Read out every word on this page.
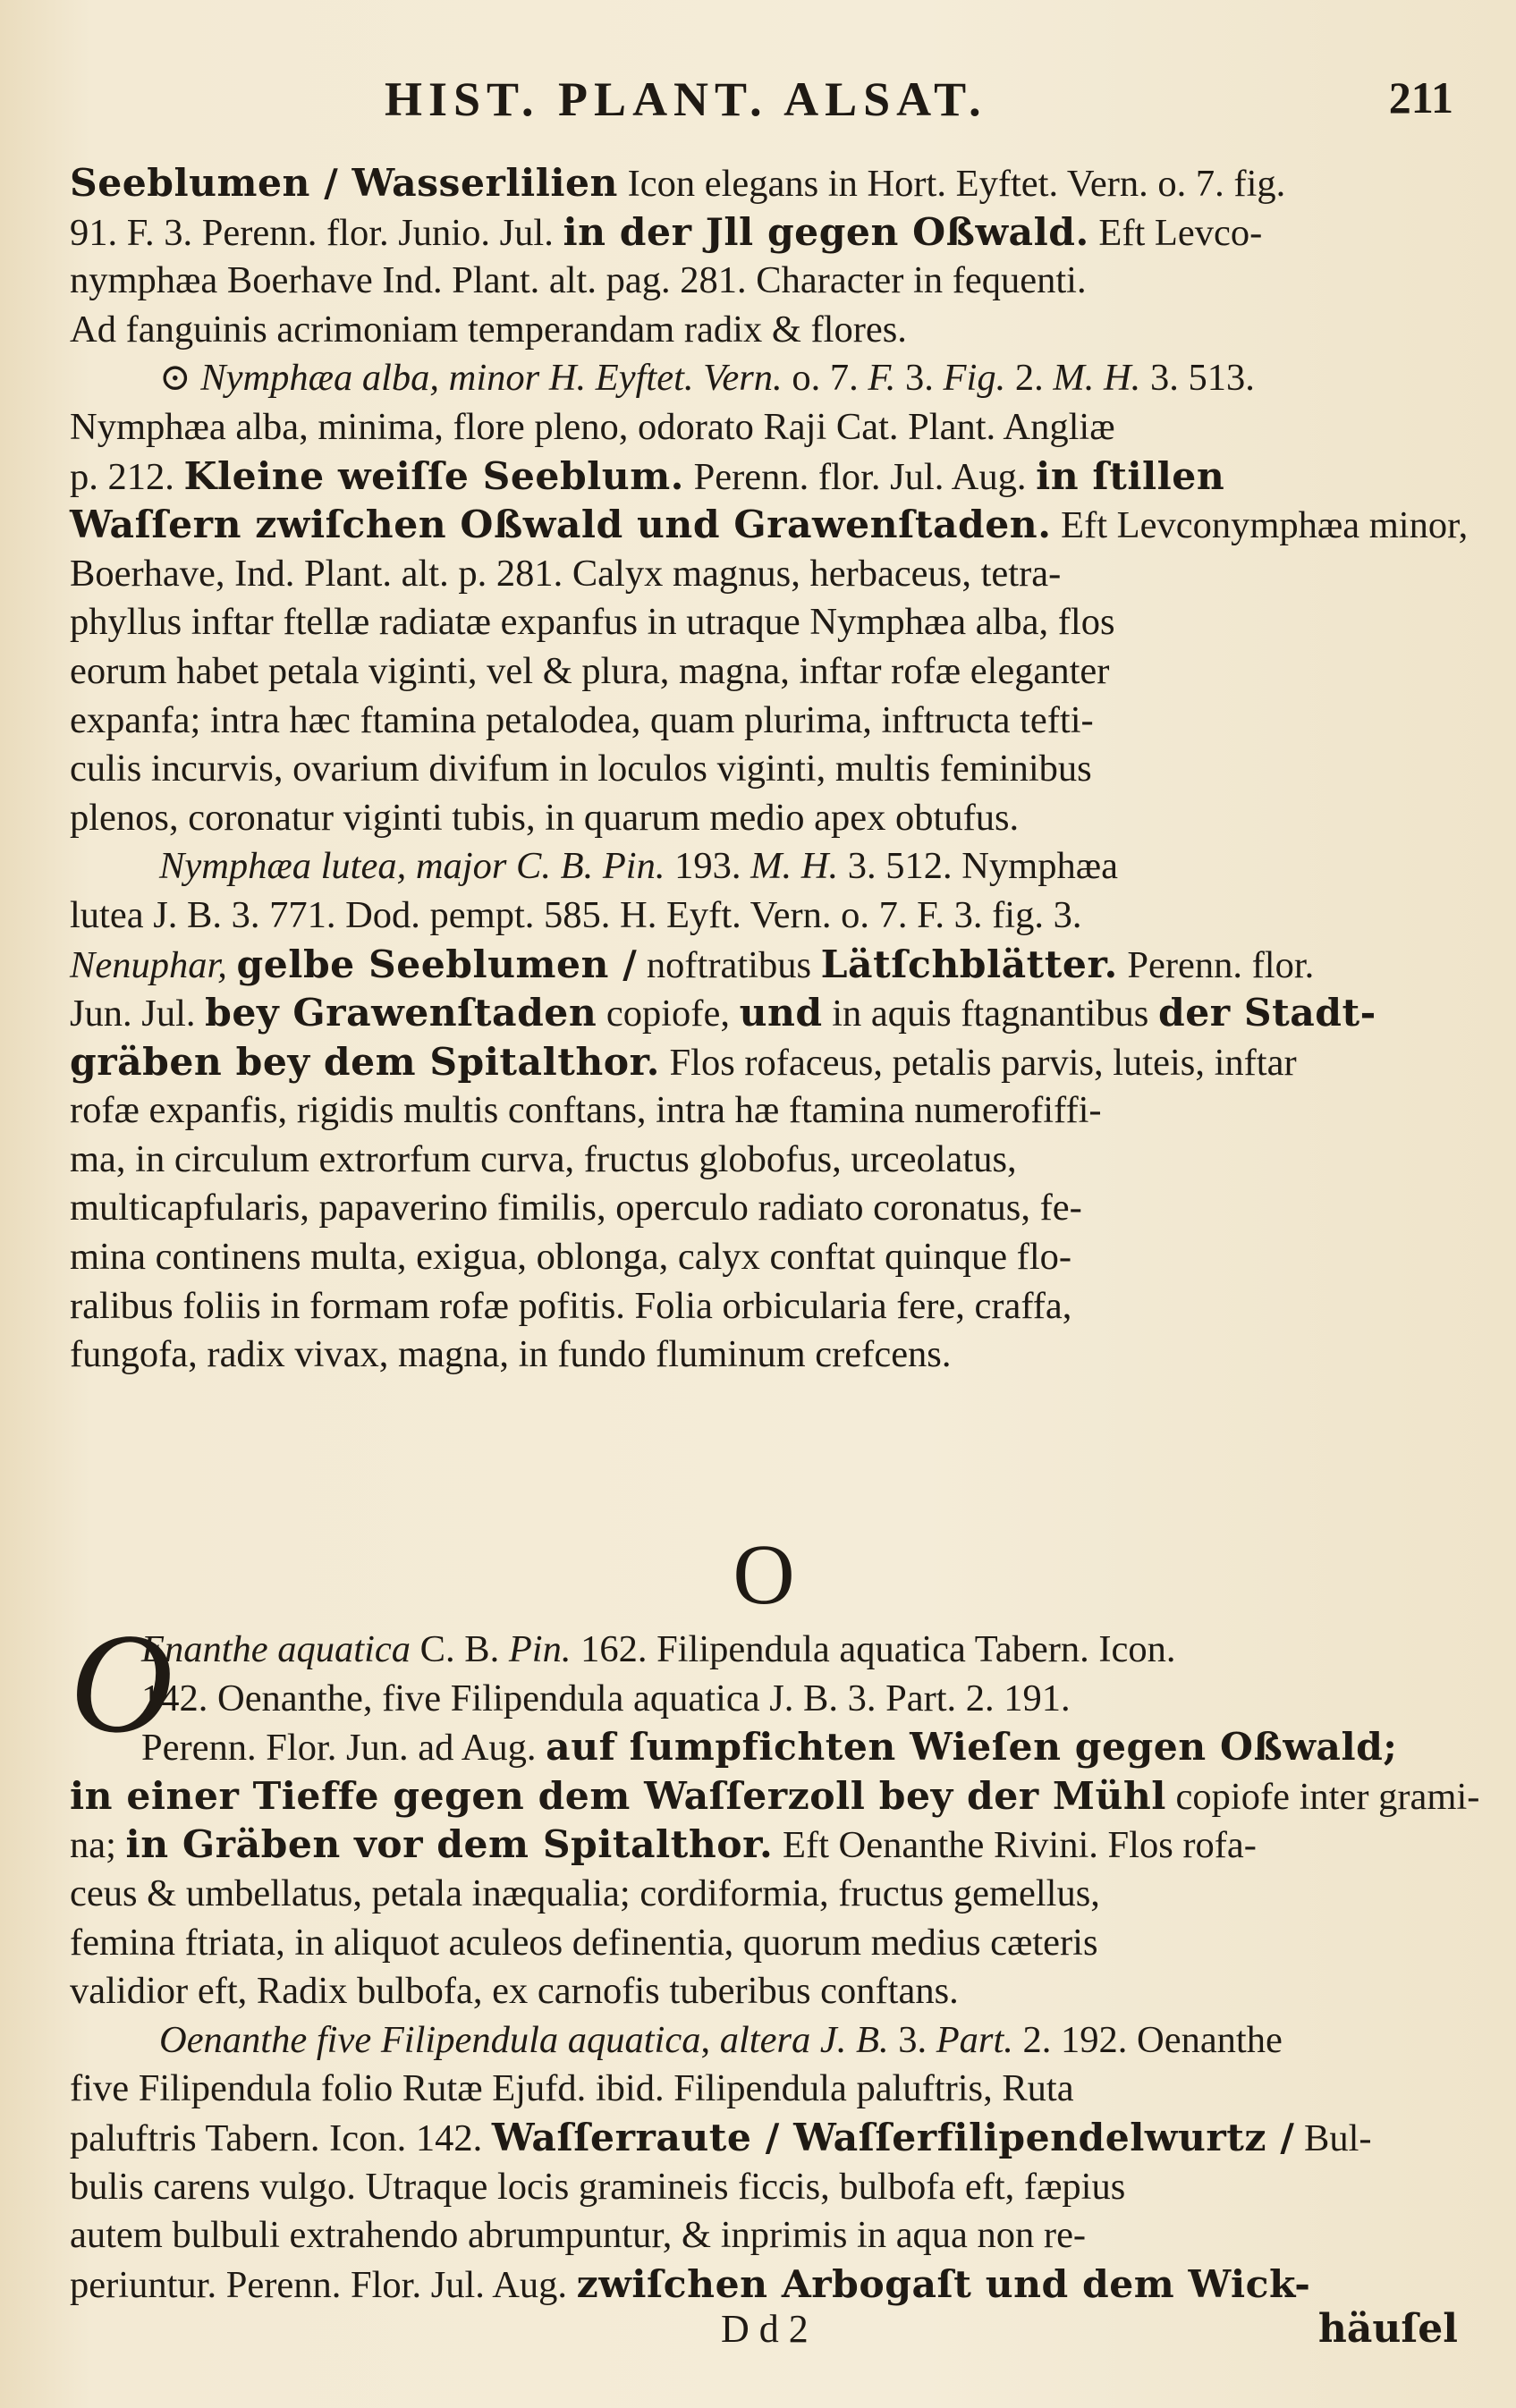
HIST. PLANT. ALSAT.	211
Seeblumen / Wasserlilien Icon elegans in Hort. Eyftet. Vern. o. 7. fig.
91. F. 3. Perenn. flor. Junio. Jul. in der Jll gegen Oßwald. Eft Levco-
nymphæa Boerhave Ind. Plant. alt. pag. 281. Character in fequenti.
Ad fanguinis acrimoniam temperandam radix & flores.
⊙ Nymphæa alba, minor H. Eyftet. Vern. o. 7. F. 3. Fig. 2. M. H. 3. 513.
Nymphæa alba, minima, flore pleno, odorato Raji Cat. Plant. Angliæ
p. 212. Kleine weiſſe Seeblum. Perenn. flor. Jul. Aug. in ſtillen
Waſſern zwiſchen Oßwald und Grawenſtaden. Eft Levconymphæa minor,
Boerhave, Ind. Plant. alt. p. 281. Calyx magnus, herbaceus, tetra-
phyllus inftar ftellæ radiatæ expanfus in utraque Nymphæa alba, flos
eorum habet petala viginti, vel & plura, magna, inftar rofæ eleganter
expanfa; intra hæc ftamina petalodea, quam plurima, inftructa tefti-
culis incurvis, ovarium divifum in loculos viginti, multis feminibus
plenos, coronatur viginti tubis, in quarum medio apex obtufus.
Nymphæa lutea, major C. B. Pin. 193. M. H. 3. 512. Nymphæa
lutea J. B. 3. 771. Dod. pempt. 585. H. Eyft. Vern. o. 7. F. 3. fig. 3.
Nenuphar, gelbe Seeblumen / noftratibus Lätſchblätter. Perenn. flor.
Jun. Jul. bey Grawenſtaden copiofe, und in aquis ftagnantibus der Stadt-
gräben bey dem Spitalthor. Flos rofaceus, petalis parvis, luteis, inftar
rofæ expanfis, rigidis multis conftans, intra hæ ftamina numerofiffi-
ma, in circulum extrorfum curva, fructus globofus, urceolatus,
multicapfularis, papaverino fimilis, operculo radiato coronatus, fe-
mina continens multa, exigua, oblonga, calyx conftat quinque flo-
ralibus foliis in formam rofæ pofitis. Folia orbicularia fere, craffa,
fungofa, radix vivax, magna, in fundo fluminum crefcens.
O
O
Enanthe aquatica C. B. Pin. 162. Filipendula aquatica Tabern. Icon.
142. Oenanthe, five Filipendula aquatica J. B. 3. Part. 2. 191.
Perenn. Flor. Jun. ad Aug. auf ſumpfichten Wieſen gegen Oßwald;
in einer Tieffe gegen dem Waſſerzoll bey der Mühl copiofe inter grami-
na; in Gräben vor dem Spitalthor. Eft Oenanthe Rivini. Flos rofa-
ceus & umbellatus, petala inæqualia; cordiformia, fructus gemellus,
femina ftriata, in aliquot aculeos definentia, quorum medius cæteris
validior eft, Radix bulbofa, ex carnofis tuberibus conftans.
Oenanthe five Filipendula aquatica, altera J. B. 3. Part. 2. 192. Oenanthe
five Filipendula folio Rutæ Ejufd. ibid. Filipendula paluftris, Ruta
paluftris Tabern. Icon. 142. Waſſerraute / Waſſerfilipendelwurtz / Bul-
bulis carens vulgo. Utraque locis gramineis ficcis, bulbofa eft, fæpius
autem bulbuli extrahendo abrumpuntur, & inprimis in aqua non re-
periuntur. Perenn. Flor. Jul. Aug. zwiſchen Arbogaſt und dem Wick-
D d 2	häuſel
